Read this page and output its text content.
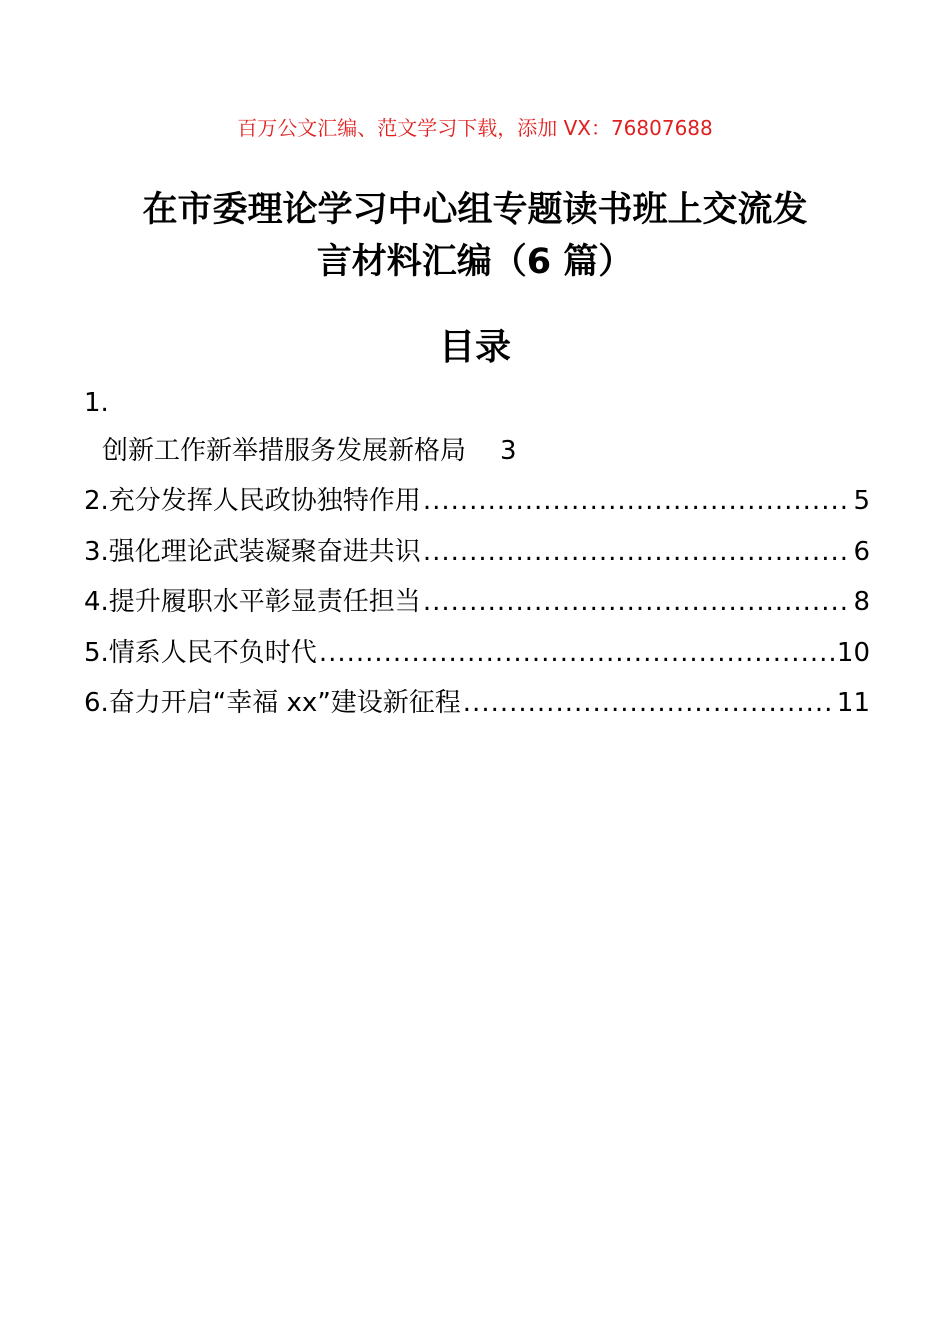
百万公文汇编、范文学习下载，添加 VX：76807688
在市委理论学习中心组专题读书班上交流发
言材料汇编（6 篇）
目录
1.
创新工作新举措服务发展新格局 3
2.充分发挥人民政协独特作用 .....	5
3.强化理论武装凝聚奋进共识 .....	6
4.提升履职水平彰显责任担当 .....	8
5.情系人民不负时代 .....	10
6.奋力开启“幸福 xx”建设新征程 .....	11
